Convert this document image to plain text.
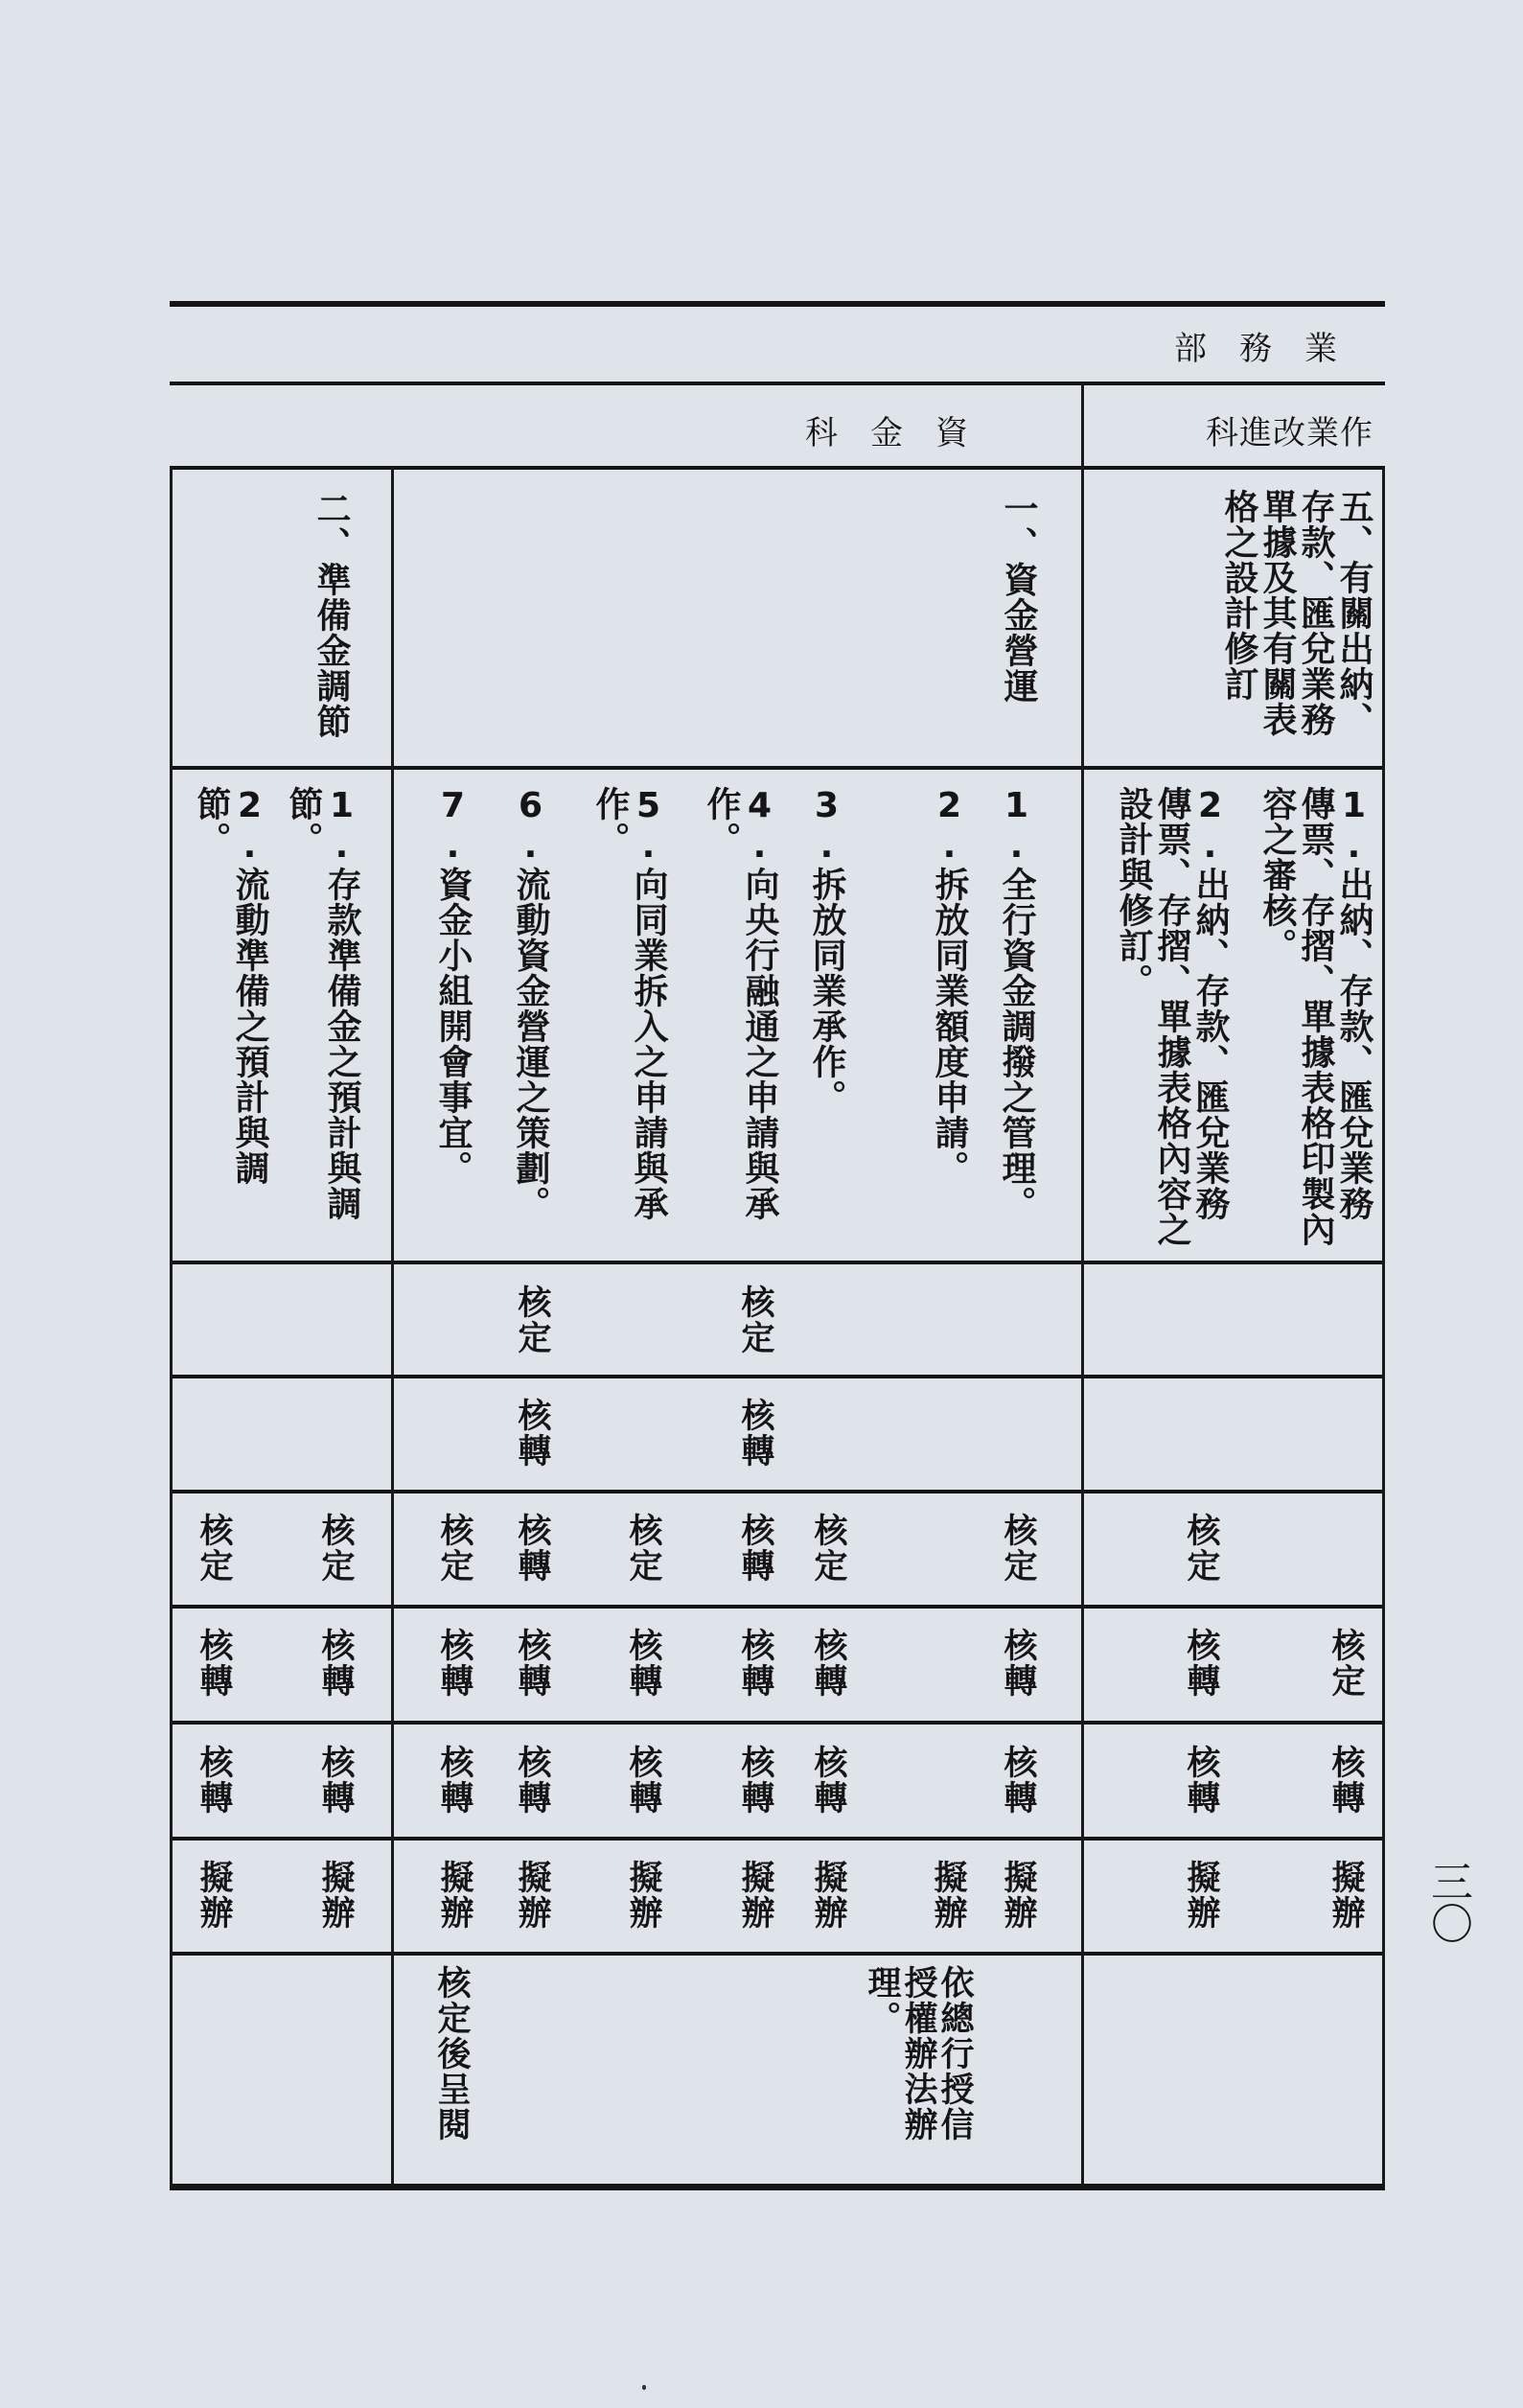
業務部
資金科	作業改進科
五、有關出納、存款、匯兌業務單據及其有關表格之設計修訂
一、資金營運
二、準備金調節
1.出納、存款、匯兌業務傳票、存摺、單據表格印製內容之審核。
2.出納、存款、匯兌業務傳票、存摺、單據表格內容之設計與修訂。
1.全行資金調撥之管理。
2.拆放同業額度申請。
3.拆放同業承作。
4.向央行融通之申請與承作。
5.向同業拆入之申請與承作。
6.流動資金營運之策劃。
7.資金小組開會事宜。
1.存款準備金之預計與調節。
2.流動準備之預計與調節。
核定
核轉
擬辦
核定
核轉
核轉
擬辦
核定
核轉
核轉
擬辦
擬辦
核定
核轉
核轉
擬辦
核定
核轉
核轉
核轉
核轉
擬辦
核定
核轉
核轉
擬辦
核定
核轉
核轉
核轉
核轉
擬辦
核定
核轉
核轉
擬辦
核定
核轉
核轉
擬辦
核定
核轉
核轉
擬辦
依總行授信授權辦法辦理。
核定後呈閱
三〇
